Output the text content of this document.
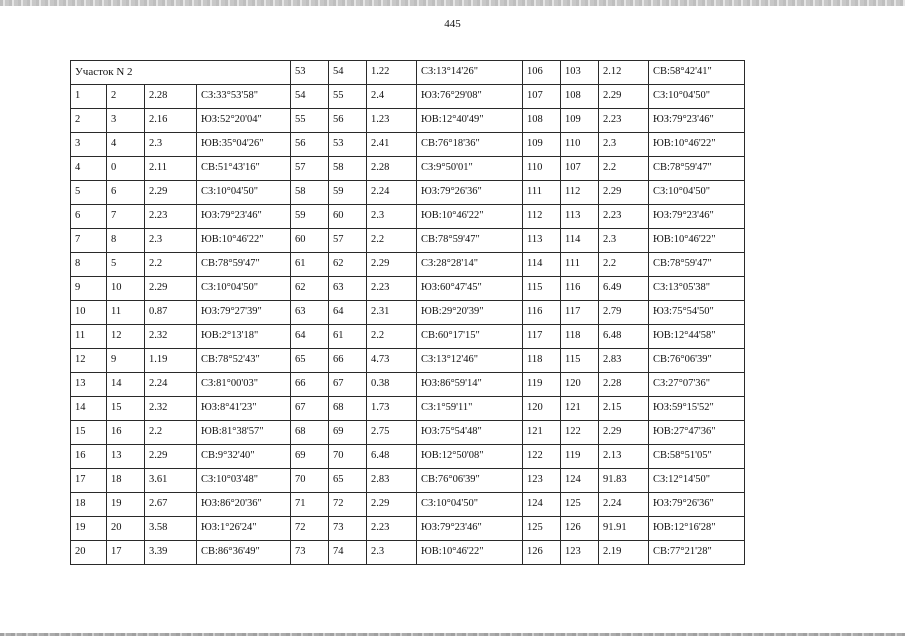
445
Участок N 2				53	54	1.22	СЗ:13°14'26"	106	103	2.12	СВ:58°42'41"
1	2	2.28	СЗ:33°53'58"	54	55	2.4	ЮЗ:76°29'08"	107	108	2.29	СЗ:10°04'50"
2	3	2.16	ЮЗ:52°20'04"	55	56	1.23	ЮВ:12°40'49"	108	109	2.23	ЮЗ:79°23'46"
3	4	2.3	ЮВ:35°04'26"	56	53	2.41	СВ:76°18'36"	109	110	2.3	ЮВ:10°46'22"
4	0	2.11	СВ:51°43'16"	57	58	2.28	СЗ:9°50'01"	110	107	2.2	СВ:78°59'47"
5	6	2.29	СЗ:10°04'50"	58	59	2.24	ЮЗ:79°26'36"	111	112	2.29	СЗ:10°04'50"
6	7	2.23	ЮЗ:79°23'46"	59	60	2.3	ЮВ:10°46'22"	112	113	2.23	ЮЗ:79°23'46"
7	8	2.3	ЮВ:10°46'22"	60	57	2.2	СВ:78°59'47"	113	114	2.3	ЮВ:10°46'22"
8	5	2.2	СВ:78°59'47"	61	62	2.29	СЗ:28°28'14"	114	111	2.2	СВ:78°59'47"
9	10	2.29	СЗ:10°04'50"	62	63	2.23	ЮЗ:60°47'45"	115	116	6.49	СЗ:13°05'38"
10	11	0.87	ЮЗ:79°27'39"	63	64	2.31	ЮВ:29°20'39"	116	117	2.79	ЮЗ:75°54'50"
11	12	2.32	ЮВ:2°13'18"	64	61	2.2	СВ:60°17'15"	117	118	6.48	ЮВ:12°44'58"
12	9	1.19	СВ:78°52'43"	65	66	4.73	СЗ:13°12'46"	118	115	2.83	СВ:76°06'39"
13	14	2.24	СЗ:81°00'03"	66	67	0.38	ЮЗ:86°59'14"	119	120	2.28	СЗ:27°07'36"
14	15	2.32	ЮЗ:8°41'23"	67	68	1.73	СЗ:1°59'11"	120	121	2.15	ЮЗ:59°15'52"
15	16	2.2	ЮВ:81°38'57"	68	69	2.75	ЮЗ:75°54'48"	121	122	2.29	ЮВ:27°47'36"
16	13	2.29	СВ:9°32'40"	69	70	6.48	ЮВ:12°50'08"	122	119	2.13	СВ:58°51'05"
17	18	3.61	СЗ:10°03'48"	70	65	2.83	СВ:76°06'39"	123	124	91.83	СЗ:12°14'50"
18	19	2.67	ЮЗ:86°20'36"	71	72	2.29	СЗ:10°04'50"	124	125	2.24	ЮЗ:79°26'36"
19	20	3.58	ЮЗ:1°26'24"	72	73	2.23	ЮЗ:79°23'46"	125	126	91.91	ЮВ:12°16'28"
20	17	3.39	СВ:86°36'49"	73	74	2.3	ЮВ:10°46'22"	126	123	2.19	СВ:77°21'28"
